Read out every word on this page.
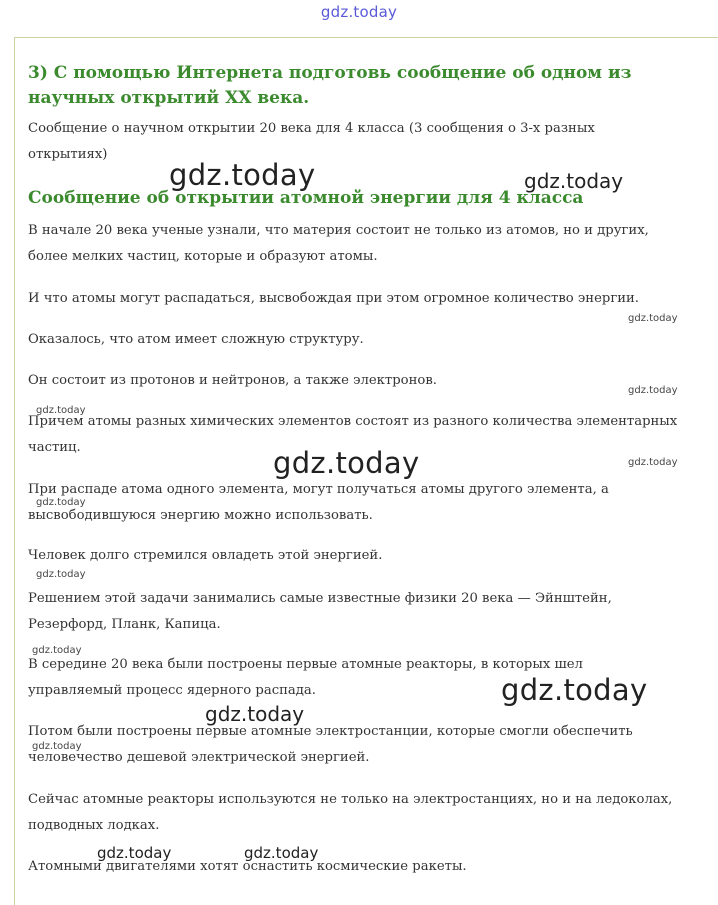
gdz.today
3) С помощью Интернета подготовь сообщение об одном из научных открытий XX века.

Сообщение о научном открытии 20 века для 4 класса (3 сообщения о 3-х разных открытиях)

Сообщение об открытии атомной энергии для 4 класса

В начале 20 века ученые узнали, что материя состоит не только из атомов, но и других, более мелких частиц, которые и образуют атомы.

И что атомы могут распадаться, высвобождая при этом огромное количество энергии.

Оказалось, что атом имеет сложную структуру.

Он состоит из протонов и нейтронов, а также электронов.

Причем атомы разных химических элементов состоят из разного количества элементарных частиц.

При распаде атома одного элемента, могут получаться атомы другого элемента, а высвободившуюся энергию можно использовать.

Человек долго стремился овладеть этой энергией.

Решением этой задачи занимались самые известные физики 20 века — Эйнштейн, Резерфорд, Планк, Капица.

В середине 20 века были построены первые атомные реакторы, в которых шел управляемый процесс ядерного распада.

Потом были построены первые атомные электростанции, которые смогли обеспечить человечество дешевой электрической энергией.

Сейчас атомные реакторы используются не только на электростанциях, но и на ледоколах, подводных лодках.

Атомными двигателями хотят оснастить космические ракеты.

gdz.today	gdz.today
gdz.today
gdz.today
gdz.today
gdz.today	gdz.today
gdz.today
gdz.today
gdz.today
gdz.today
gdz.today
gdz.today
gdz.today	gdz.today
